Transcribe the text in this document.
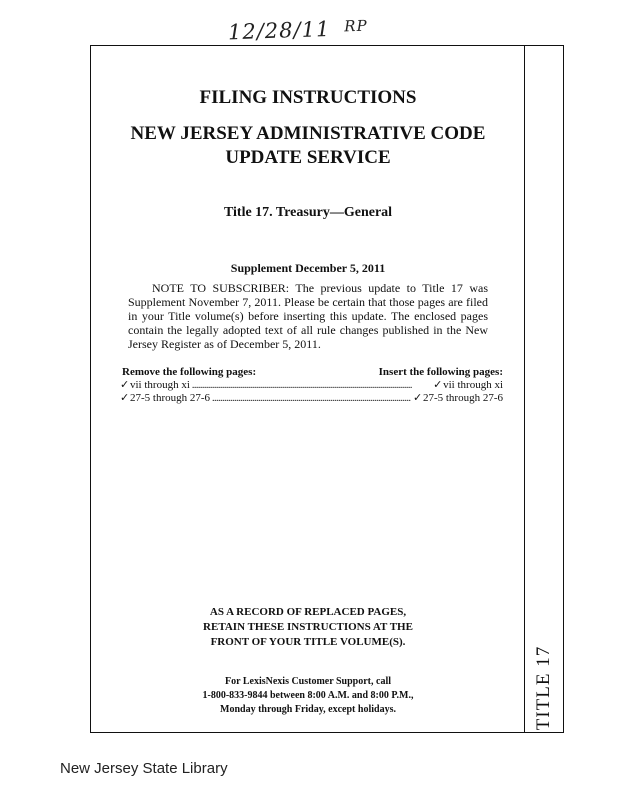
12/28/11 RP
TITLE 17
FILING INSTRUCTIONS
NEW JERSEY ADMINISTRATIVE CODE
UPDATE SERVICE
Title 17. Treasury—General
Supplement December 5, 2011

NOTE TO SUBSCRIBER: The previous update to Title 17 was Supplement November 7, 2011. Please be certain that those pages are filed in your Title volume(s) before inserting this update. The enclosed pages contain the legally adopted text of all rule changes published in the New Jersey Register as of December 5, 2011.

Remove the following pages:	Insert the following pages:
✓ vii through xi . . .	✓ vii through xi
✓ 27-5 through 27-6 . . .	✓ 27-5 through 27-6
AS A RECORD OF REPLACED PAGES,
RETAIN THESE INSTRUCTIONS AT THE
FRONT OF YOUR TITLE VOLUME(S).
For LexisNexis Customer Support, call
1-800-833-9844 between 8:00 A.M. and 8:00 P.M.,
Monday through Friday, except holidays.
New Jersey State Library
